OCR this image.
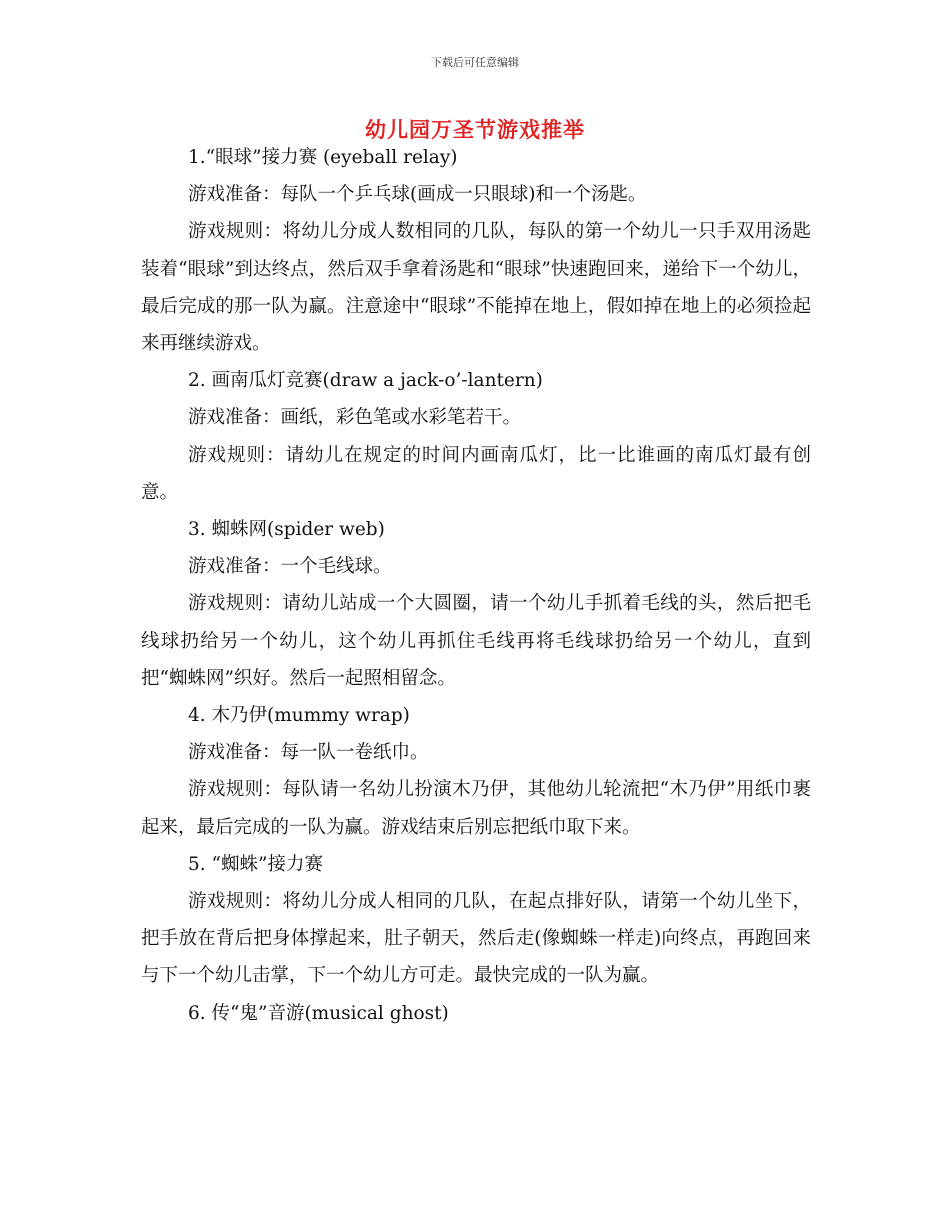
下载后可任意编辑
幼儿园万圣节游戏推举

1.“眼球”接力赛 (eyeball relay)

游戏准备：每队一个乒乓球(画成一只眼球)和一个汤匙。

游戏规则：将幼儿分成人数相同的几队，每队的第一个幼儿一只手双用汤匙装着“眼球”到达终点，然后双手拿着汤匙和“眼球”快速跑回来，递给下一个幼儿，最后完成的那一队为赢。注意途中“眼球”不能掉在地上，假如掉在地上的必须捡起来再继续游戏。

2. 画南瓜灯竞赛(draw a jack-o’-lantern)

游戏准备：画纸，彩色笔或水彩笔若干。

游戏规则：请幼儿在规定的时间内画南瓜灯，比一比谁画的南瓜灯最有创意。

3. 蜘蛛网(spider web)

游戏准备：一个毛线球。

游戏规则：请幼儿站成一个大圆圈，请一个幼儿手抓着毛线的头，然后把毛线球扔给另一个幼儿，这个幼儿再抓住毛线再将毛线球扔给另一个幼儿，直到把“蜘蛛网”织好。然后一起照相留念。

4. 木乃伊(mummy wrap)

游戏准备：每一队一卷纸巾。

游戏规则：每队请一名幼儿扮演木乃伊，其他幼儿轮流把“木乃伊”用纸巾裹起来，最后完成的一队为赢。游戏结束后别忘把纸巾取下来。

5. “蜘蛛”接力赛

游戏规则：将幼儿分成人相同的几队，在起点排好队，请第一个幼儿坐下，把手放在背后把身体撑起来，肚子朝天，然后走(像蜘蛛一样走)向终点，再跑回来与下一个幼儿击掌，下一个幼儿方可走。最快完成的一队为赢。

6. 传“鬼”音游(musical ghost)
